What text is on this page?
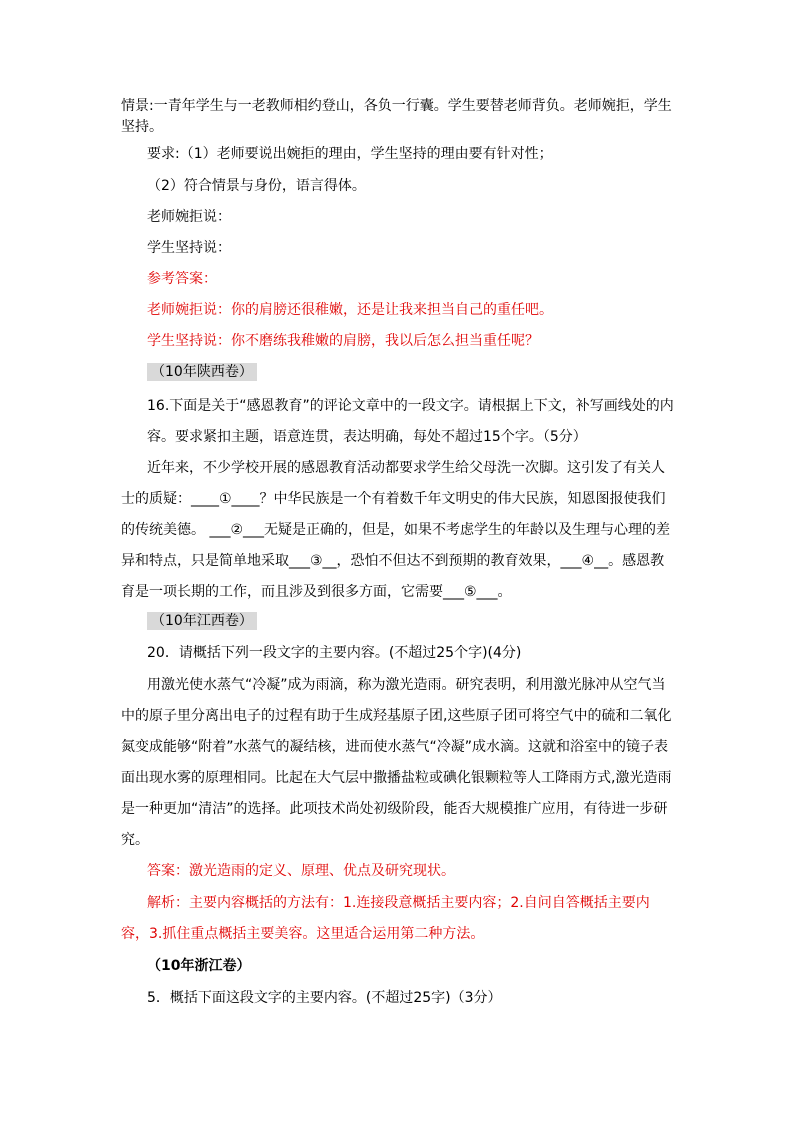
情景:一青年学生与一老教师相约登山，各负一行囊。学生要替老师背负。老师婉拒，学生坚持。

要求:（1）老师要说出婉拒的理由，学生坚持的理由要有针对性；

（2）符合情景与身份，语言得体。

老师婉拒说：

学生坚持说：

参考答案：

老师婉拒说：你的肩膀还很稚嫩，还是让我来担当自己的重任吧。

学生坚持说：你不磨练我稚嫩的肩膀，我以后怎么担当重任呢？

（10年陕西卷）

16.下面是关于“感恩教育”的评论文章中的一段文字。请根据上下文，补写画线处的内容。要求紧扣主题，语意连贯，表达明确，每处不超过15个字。（5分）

近年来，不少学校开展的感恩教育活动都要求学生给父母洗一次脚。这引发了有关人士的质疑：____①____？中华民族是一个有着数千年文明史的伟大民族，知恩图报使我们的传统美德。 ___②___无疑是正确的，但是，如果不考虑学生的年龄以及生理与心理的差异和特点，只是简单地采取___③__，恐怕不但达不到预期的教育效果，___④__。感恩教育是一项长期的工作，而且涉及到很多方面，它需要___⑤___。

（10年江西卷）

20．请概括下列一段文字的主要内容。(不超过25个字)(4分)

用激光使水蒸气“冷凝”成为雨滴，称为激光造雨。研究表明，利用激光脉冲从空气当中的原子里分离出电子的过程有助于生成羟基原子团,这些原子团可将空气中的硫和二氧化氮变成能够“附着”水蒸气的凝结核，进而使水蒸气“冷凝”成水滴。这就和浴室中的镜子表面出现水雾的原理相同。比起在大气层中撒播盐粒或碘化银颗粒等人工降雨方式,激光造雨是一种更加“清洁”的选择。此项技术尚处初级阶段，能否大规模推广应用，有待进一步研究。

答案：激光造雨的定义、原理、优点及研究现状。

解析：主要内容概括的方法有：1.连接段意概括主要内容；2.自问自答概括主要内容，3.抓住重点概括主要美容。这里适合运用第二种方法。

（10年浙江卷）

5．概括下面这段文字的主要内容。(不超过25字)（3分）
